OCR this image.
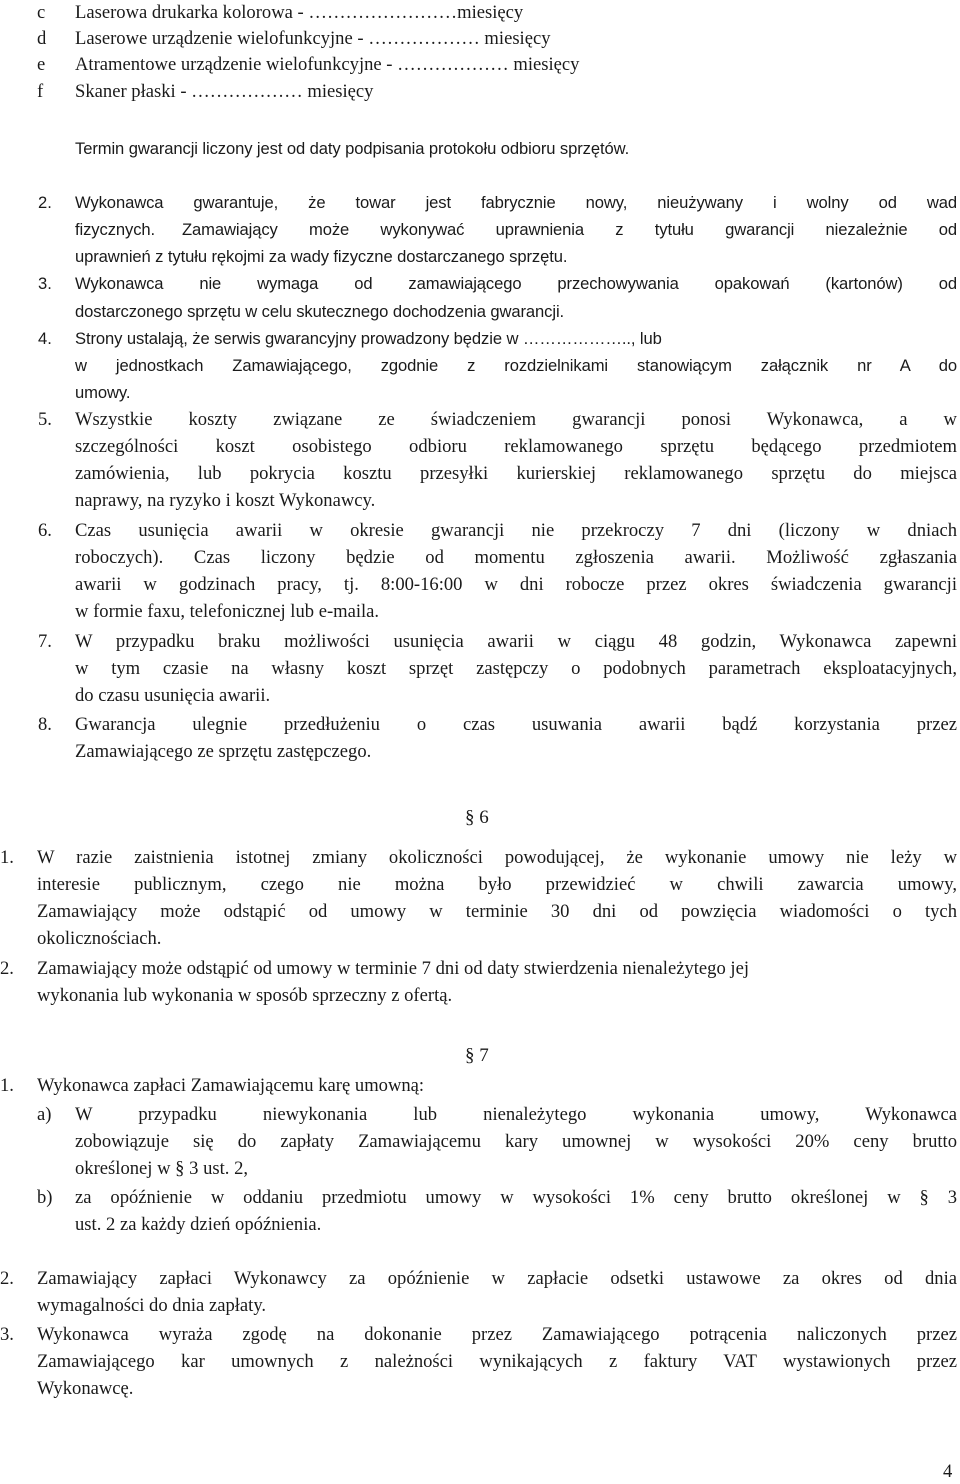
c Laserowa drukarka kolorowa - ……………………miesięcy
d Laserowe urządzenie wielofunkcyjne - ……………… miesięcy
e Atramentowe urządzenie wielofunkcyjne - ……………… miesięcy
f Skaner płaski - ……………… miesięcy
Termin gwarancji liczony jest od daty podpisania protokołu odbioru sprzętów.
2. Wykonawca gwarantuje, że towar jest fabrycznie nowy, nieużywany i wolny od wad
fizycznych. Zamawiający może wykonywać uprawnienia z tytułu gwarancji niezależnie od
uprawnień z tytułu rękojmi za wady fizyczne dostarczanego sprzętu.
3. Wykonawca nie wymaga od zamawiającego przechowywania opakowań (kartonów) od
dostarczonego sprzętu w celu skutecznego dochodzenia gwarancji.
4. Strony ustalają, że serwis gwarancyjny prowadzony będzie w ……………….., lub
w jednostkach Zamawiającego, zgodnie z rozdzielnikami stanowiącym załącznik nr A do
umowy.
5. Wszystkie koszty związane ze świadczeniem gwarancji ponosi Wykonawca, a w
szczególności koszt osobistego odbioru reklamowanego sprzętu będącego przedmiotem
zamówienia, lub pokrycia kosztu przesyłki kurierskiej reklamowanego sprzętu do miejsca
naprawy, na ryzyko i koszt Wykonawcy.
6. Czas usunięcia awarii w okresie gwarancji nie przekroczy 7 dni (liczony w dniach
roboczych). Czas liczony będzie od momentu zgłoszenia awarii. Możliwość zgłaszania
awarii w godzinach pracy, tj. 8:00-16:00 w dni robocze przez okres świadczenia gwarancji
w formie faxu, telefonicznej lub e-maila.
7. W przypadku braku możliwości usunięcia awarii w ciągu 48 godzin, Wykonawca zapewni
w tym czasie na własny koszt sprzęt zastępczy o podobnych parametrach eksploatacyjnych,
do czasu usunięcia awarii.
8. Gwarancja ulegnie przedłużeniu o czas usuwania awarii bądź korzystania przez
Zamawiającego ze sprzętu zastępczego.
§ 6
1. W razie zaistnienia istotnej zmiany okoliczności powodującej, że wykonanie umowy nie leży w
interesie publicznym, czego nie można było przewidzieć w chwili zawarcia umowy,
Zamawiający może odstąpić od umowy w terminie 30 dni od powzięcia wiadomości o tych
okolicznościach.
2. Zamawiający może odstąpić od umowy w terminie 7 dni od daty stwierdzenia nienależytego jej
wykonania lub wykonania w sposób sprzeczny z ofertą.
§ 7
1. Wykonawca zapłaci Zamawiającemu karę umowną:
a) W przypadku niewykonania lub nienależytego wykonania umowy, Wykonawca
zobowiązuje się do zapłaty Zamawiającemu kary umownej w wysokości 20% ceny brutto
określonej w § 3 ust. 2,
b) za opóźnienie w oddaniu przedmiotu umowy w wysokości 1% ceny brutto określonej w § 3
ust. 2 za każdy dzień opóźnienia.
2. Zamawiający zapłaci Wykonawcy za opóźnienie w zapłacie odsetki ustawowe za okres od dnia
wymagalności do dnia zapłaty.
3. Wykonawca wyraża zgodę na dokonanie przez Zamawiającego potrącenia naliczonych przez
Zamawiającego kar umownych z należności wynikających z faktury VAT wystawionych przez
Wykonawcę.
4
